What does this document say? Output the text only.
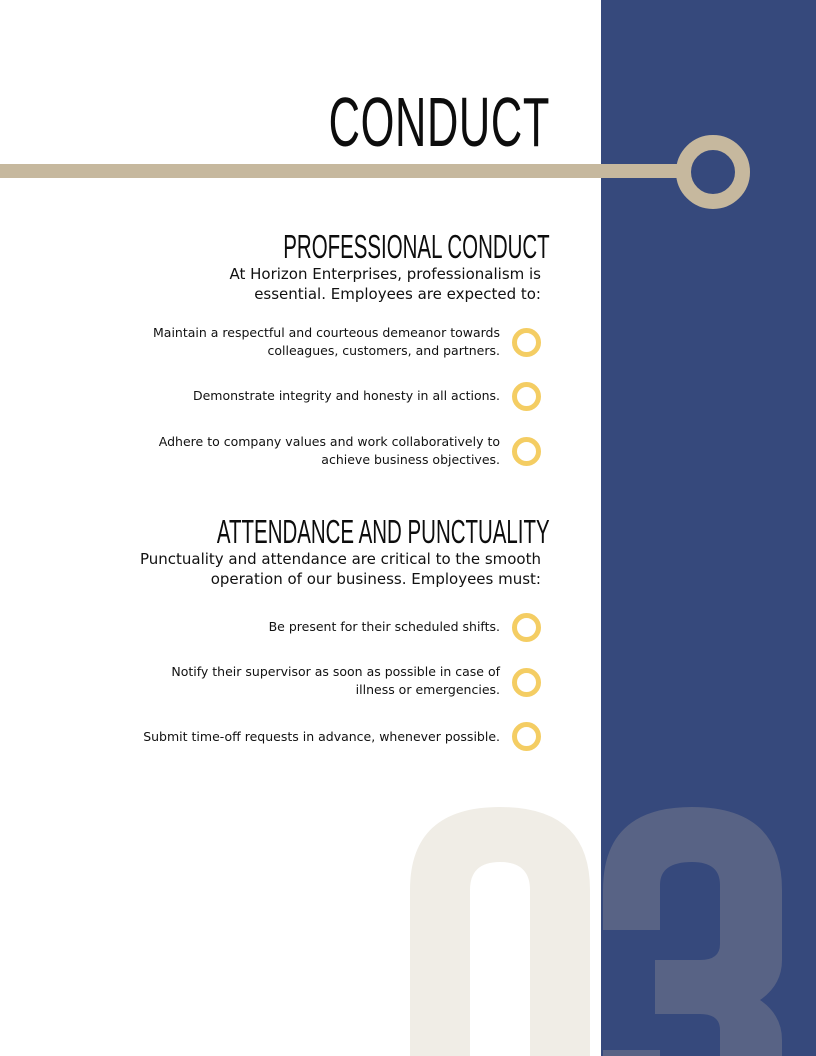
CONDUCT
PROFESSIONAL CONDUCT
At Horizon Enterprises, professionalism is
essential. Employees are expected to:
Maintain a respectful and courteous demeanor towards
colleagues, customers, and partners.
Demonstrate integrity and honesty in all actions.
Adhere to company values and work collaboratively to
achieve business objectives.
ATTENDANCE AND PUNCTUALITY
Punctuality and attendance are critical to the smooth
operation of our business. Employees must:
Be present for their scheduled shifts.
Notify their supervisor as soon as possible in case of
illness or emergencies.
Submit time-off requests in advance, whenever possible.
